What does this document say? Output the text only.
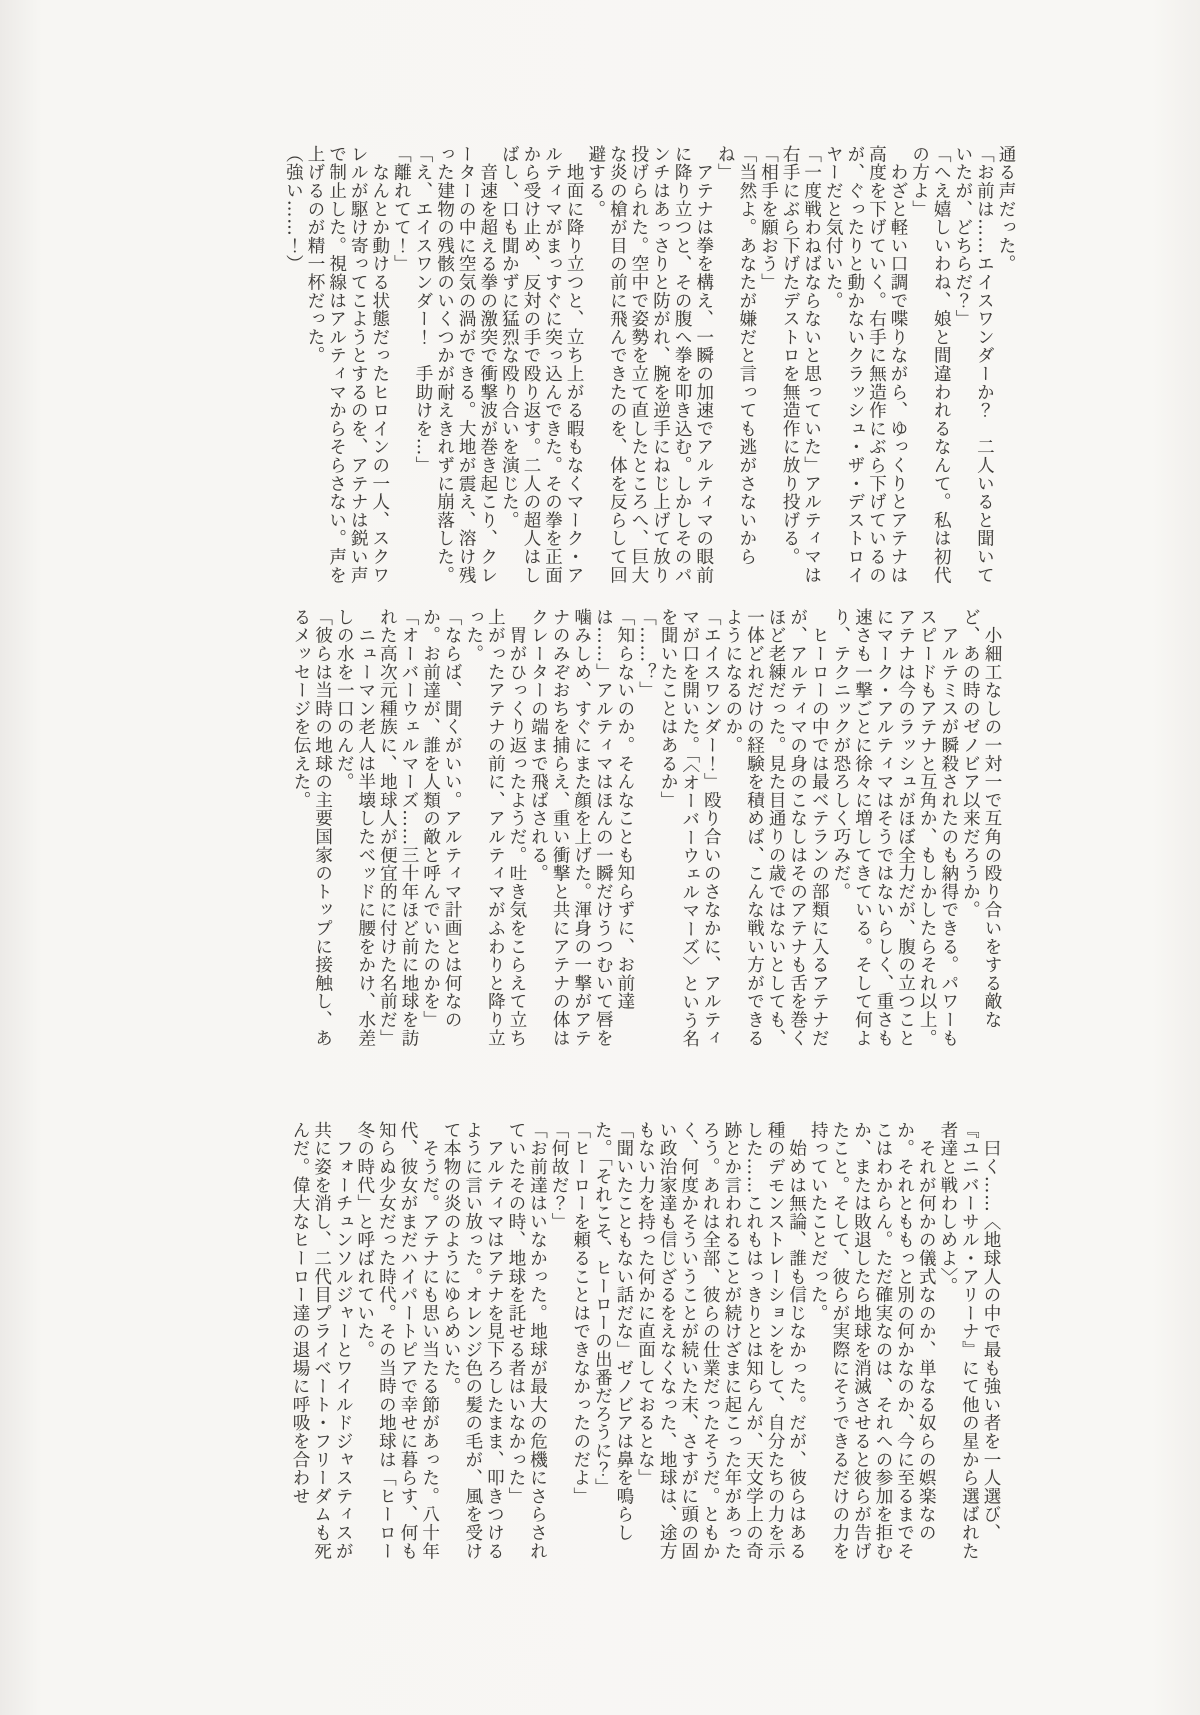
通る声だった。

「お前は……エイスワンダーか？　二人いると聞いていたが、どちらだ？」

「へえ嬉しいわね、娘と間違われるなんて。私は初代の方よ」

　わざと軽い口調で喋りながら、ゆっくりとアテナは高度を下げていく。右手に無造作にぶら下げているのが、ぐったりと動かないクラッシュ・ザ・デストロイヤーだと気付いた。

「一度戦わねばならないと思っていた」アルティマは右手にぶら下げたデストロを無造作に放り投げる。

「相手を願おう」

「当然よ。あなたが嫌だと言っても逃がさないからね」

　アテナは拳を構え、一瞬の加速でアルティマの眼前に降り立つと、その腹へ拳を叩き込む。しかしそのパンチはあっさりと防がれ、腕を逆手にねじ上げて放り投げられた。空中で姿勢を立て直したところへ、巨大な炎の槍が目の前に飛んできたのを、体を反らして回避する。

　地面に降り立つと、立ち上がる暇もなくマーク・アルティマがまっすぐに突っ込んできた。その拳を正面から受け止め、反対の手で殴り返す。二人の超人はしばし、口も聞かずに猛烈な殴り合いを演じた。

　音速を超える拳の激突で衝撃波が巻き起こり、クレーターの中に空気の渦ができる。大地が震え、溶け残った建物の残骸のいくつかが耐えきれずに崩落した。

「え、エイスワンダー！　手助けを…」

「離れてて！」

　なんとか動ける状態だったヒロインの一人、スクワレルが駆け寄ってこようとするのを、アテナは鋭い声で制止した。視線はアルティマからそらさない。声を上げるのが精一杯だった。

（強い……！）

　小細工なしの一対一で互角の殴り合いをする敵など、あの時のゼノビア以来だろうか。

　アルテミスが瞬殺されたのも納得できる。パワーもスピードもアテナと互角か、もしかしたらそれ以上。アテナは今のラッシュがほぼ全力だが、腹の立つことにマーク・アルティマはそうではないらしく、重さも速さも一撃ごとに徐々に増してきている。そして何より、テクニックが恐ろしく巧みだ。

　ヒーローの中では最ベテランの部類に入るアテナだが、アルティマの身のこなしはそのアテナも舌を巻くほど老練だった。見た目通りの歳ではないとしても、一体どれだけの経験を積めば、こんな戦い方ができるようになるのか。

「エイスワンダー！」殴り合いのさなかに、アルティマが口を開いた。「〈オーバーウェルマーズ〉という名を聞いたことはあるか」

「……？」

「知らないのか。そんなことも知らずに、お前達は……」アルティマはほんの一瞬だけうつむいて唇を噛みしめ、すぐにまた顔を上げた。渾身の一撃がアテナのみぞおちを捕らえ、重い衝撃と共にアテナの体はクレーターの端まで飛ばされる。

　胃がひっくり返ったようだ。吐き気をこらえて立ち上がったアテナの前に、アルティマがふわりと降り立った。

「ならば、聞くがいい。アルティマ計画とは何なのか。お前達が、誰を人類の敵と呼んでいたのかを」

「オーバーウェルマーズ……三十年ほど前に地球を訪れた高次元種族に、地球人が便宜的に付けた名前だ」

　ニューマン老人は半壊したベッドに腰をかけ、水差しの水を一口のんだ。

「彼らは当時の地球の主要国家のトップに接触し、あるメッセージを伝えた。

　曰く……〈地球人の中で最も強い者を一人選び、『ユニバーサル・アリーナ』にて他の星から選ばれた者達と戦わしめよ〉。

　それが何かの儀式なのか、単なる奴らの娯楽なのか。それとももっと別の何かなのか、今に至るまでそこはわからん。ただ確実なのは、それへの参加を拒むか、または敗退したら地球を消滅させると彼らが告げたこと。そして、彼らが実際にそうできるだけの力を持っていたことだった。

　始めは無論、誰も信じなかった。だが、彼らはある種のデモンストレーションをして、自分たちの力を示した……これもはっきりとは知らんが、天文学上の奇跡とか言われることが続けざまに起こった年があったろう。あれは全部、彼らの仕業だったそうだ。ともかく、何度かそういうことが続いた末、さすがに頭の固い政治家達も信じざるをえなくなった、地球は、途方もない力を持った何かに直面しておるとな」

「聞いたこともない話だな」ゼノビアは鼻を鳴らした。「それこそ、ヒーローの出番だろうに？」

「ヒーローを頼ることはできなかったのだよ」

「何故だ？」

「お前達はいなかった。地球が最大の危機にさらされていたその時、地球を託せる者はいなかった」

　アルティマはアテナを見下ろしたまま、叩きつけるように言い放った。オレンジ色の髪の毛が、風を受けて本物の炎のようにゆらめいた。

　そうだ。アテナにも思い当たる節があった。八十年代、彼女がまだハイパートピアで幸せに暮らす、何も知らぬ少女だった時代。その当時の地球は「ヒーロー冬の時代」と呼ばれていた。

　フォーチュンソルジャーとワイルドジャスティスが共に姿を消し、二代目プライベート・フリーダムも死んだ。偉大なヒーロー達の退場に呼吸を合わせ
